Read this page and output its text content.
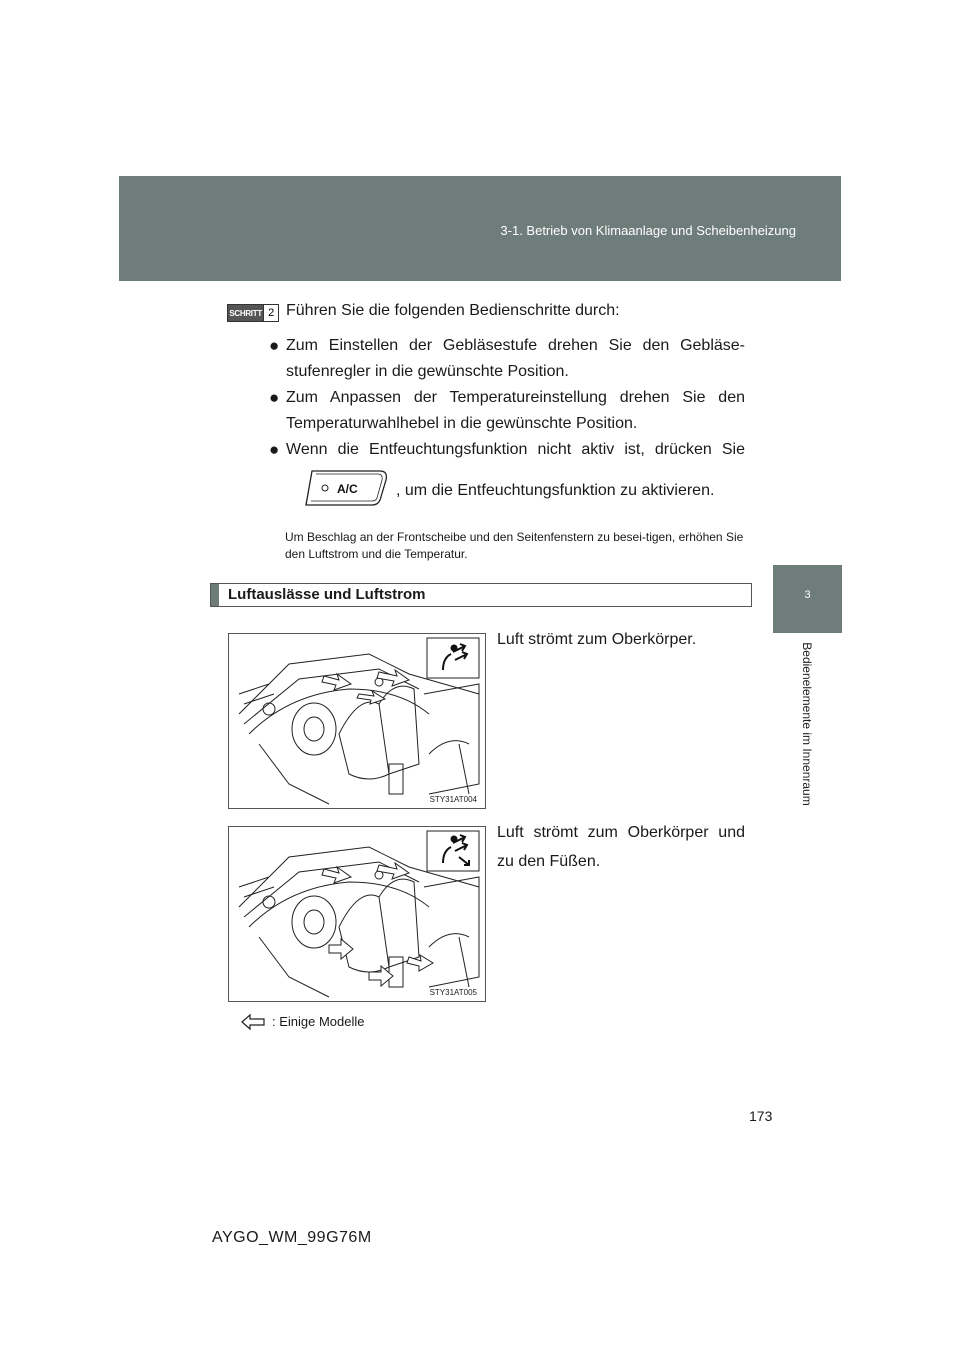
3-1. Betrieb von Klimaanlage und Scheibenheizung
3
Bedienelemente im Innenraum
SCHRITT 2 Führen Sie die folgenden Bedienschritte durch:
● Zum Einstellen der Gebläsestufe drehen Sie den Gebläse-
stufenregler in die gewünschte Position.
● Zum Anpassen der Temperatureinstellung drehen Sie den
Temperaturwahlhebel in die gewünschte Position.
● Wenn die Entfeuchtungsfunktion nicht aktiv ist, drücken Sie
A/C , um die Entfeuchtungsfunktion zu aktivieren.
Um Beschlag an der Frontscheibe und den Seitenfenstern zu besei-tigen, erhöhen Sie den Luftstrom und die Temperatur.
Luftauslässe und Luftstrom
STY31AT004
Luft strömt zum Oberkörper.
STY31AT005
Luft strömt zum Oberkörper und zu den Füßen.
: Einige Modelle
173
AYGO_WM_99G76M
